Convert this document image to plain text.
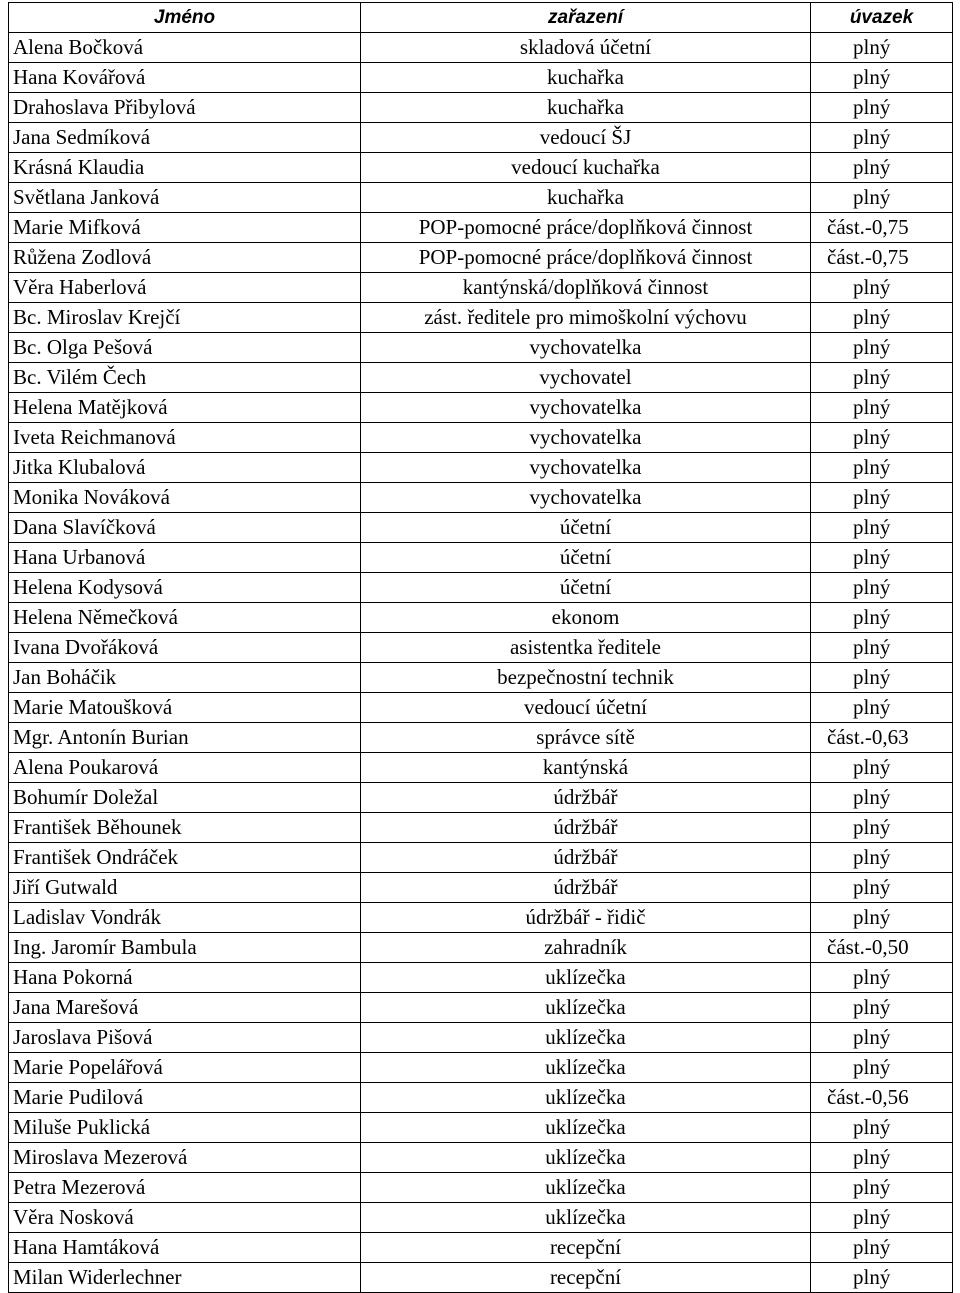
Jméno	zařazení	úvazek
Alena Bočková	skladová účetní	plný
Hana Kovářová	kuchařka	plný
Drahoslava Přibylová	kuchařka	plný
Jana Sedmíková	vedoucí ŠJ	plný
Krásná Klaudia	vedoucí kuchařka	plný
Světlana Janková	kuchařka	plný
Marie Mifková	POP-pomocné práce/doplňková činnost	část.-0,75
Růžena Zodlová	POP-pomocné práce/doplňková činnost	část.-0,75
Věra Haberlová	kantýnská/doplňková činnost	plný
Bc. Miroslav Krejčí	zást. ředitele pro mimoškolní výchovu	plný
Bc. Olga Pešová	vychovatelka	plný
Bc. Vilém Čech	vychovatel	plný
Helena Matějková	vychovatelka	plný
Iveta Reichmanová	vychovatelka	plný
Jitka Klubalová	vychovatelka	plný
Monika Nováková	vychovatelka	plný
Dana Slavíčková	účetní	plný
Hana Urbanová	účetní	plný
Helena Kodysová	účetní	plný
Helena Němečková	ekonom	plný
Ivana Dvořáková	asistentka ředitele	plný
Jan Boháčik	bezpečnostní technik	plný
Marie Matoušková	vedoucí účetní	plný
Mgr. Antonín Burian	správce sítě	část.-0,63
Alena Poukarová	kantýnská	plný
Bohumír Doležal	údržbář	plný
František Běhounek	údržbář	plný
František Ondráček	údržbář	plný
Jiří Gutwald	údržbář	plný
Ladislav Vondrák	údržbář - řidič	plný
Ing. Jaromír Bambula	zahradník	část.-0,50
Hana Pokorná	uklízečka	plný
Jana Marešová	uklízečka	plný
Jaroslava Pišová	uklízečka	plný
Marie Popelářová	uklízečka	plný
Marie Pudilová	uklízečka	část.-0,56
Miluše Puklická	uklízečka	plný
Miroslava Mezerová	uklízečka	plný
Petra Mezerová	uklízečka	plný
Věra Nosková	uklízečka	plný
Hana Hamtáková	recepční	plný
Milan Widerlechner	recepční	plný
